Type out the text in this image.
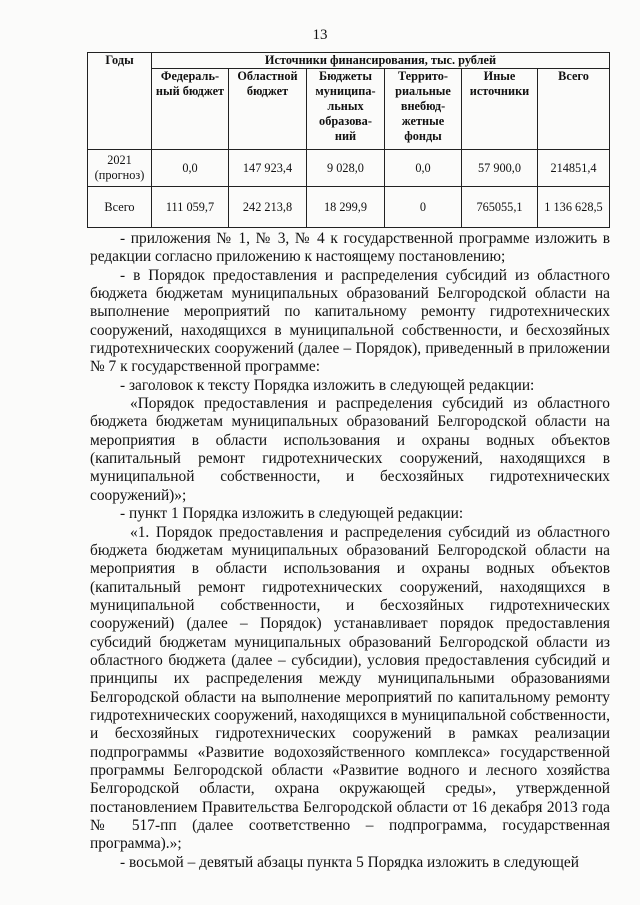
13
Годы	Источники финансирования, тыс. рублей					
	Федераль-ный бюджет	Областной бюджет	Бюджеты муниципа-льных образова-ний	Террито-риальные внебюд-жетные фонды	Иные источники	Всего
2021 (прогноз)	0,0	147 923,4	9 028,0	0,0	57 900,0	214851,4
Всего	111 059,7	242 213,8	18 299,9	0	765055,1	1 136 628,5

- приложения № 1, № 3, № 4 к государственной программе изложить в редакции согласно приложению к настоящему постановлению;

- в Порядок предоставления и распределения субсидий из областного бюджета бюджетам муниципальных образований Белгородской области на выполнение мероприятий по капитальному ремонту гидротехнических сооружений, находящихся в муниципальной собственности, и бесхозяйных гидротехнических сооружений (далее – Порядок), приведенный в приложении № 7 к государственной программе:

- заголовок к тексту Порядка изложить в следующей редакции:

«Порядок предоставления и распределения субсидий из областного бюджета бюджетам муниципальных образований Белгородской области на мероприятия в области использования и охраны водных объектов (капитальный ремонт гидротехнических сооружений, находящихся в муниципальной собственности, и бесхозяйных гидротехнических сооружений)»;

- пункт 1 Порядка изложить в следующей редакции:

«1. Порядок предоставления и распределения субсидий из областного бюджета бюджетам муниципальных образований Белгородской области на мероприятия в области использования и охраны водных объектов (капитальный ремонт гидротехнических сооружений, находящихся в муниципальной собственности, и бесхозяйных гидротехнических сооружений) (далее – Порядок) устанавливает порядок предоставления субсидий бюджетам муниципальных образований Белгородской области из областного бюджета (далее – субсидии), условия предоставления субсидий и принципы их распределения между муниципальными образованиями Белгородской области на выполнение мероприятий по капитальному ремонту гидротехнических сооружений, находящихся в муниципальной собственности, и бесхозяйных гидротехнических сооружений в рамках реализации подпрограммы «Развитие водохозяйственного комплекса» государственной программы Белгородской области «Развитие водного и лесного хозяйства Белгородской области, охрана окружающей среды», утвержденной постановлением Правительства Белгородской области от 16 декабря 2013 года № 517-пп (далее соответственно – подпрограмма, государственная программа).»;

- восьмой – девятый абзацы пункта 5 Порядка изложить в следующей
